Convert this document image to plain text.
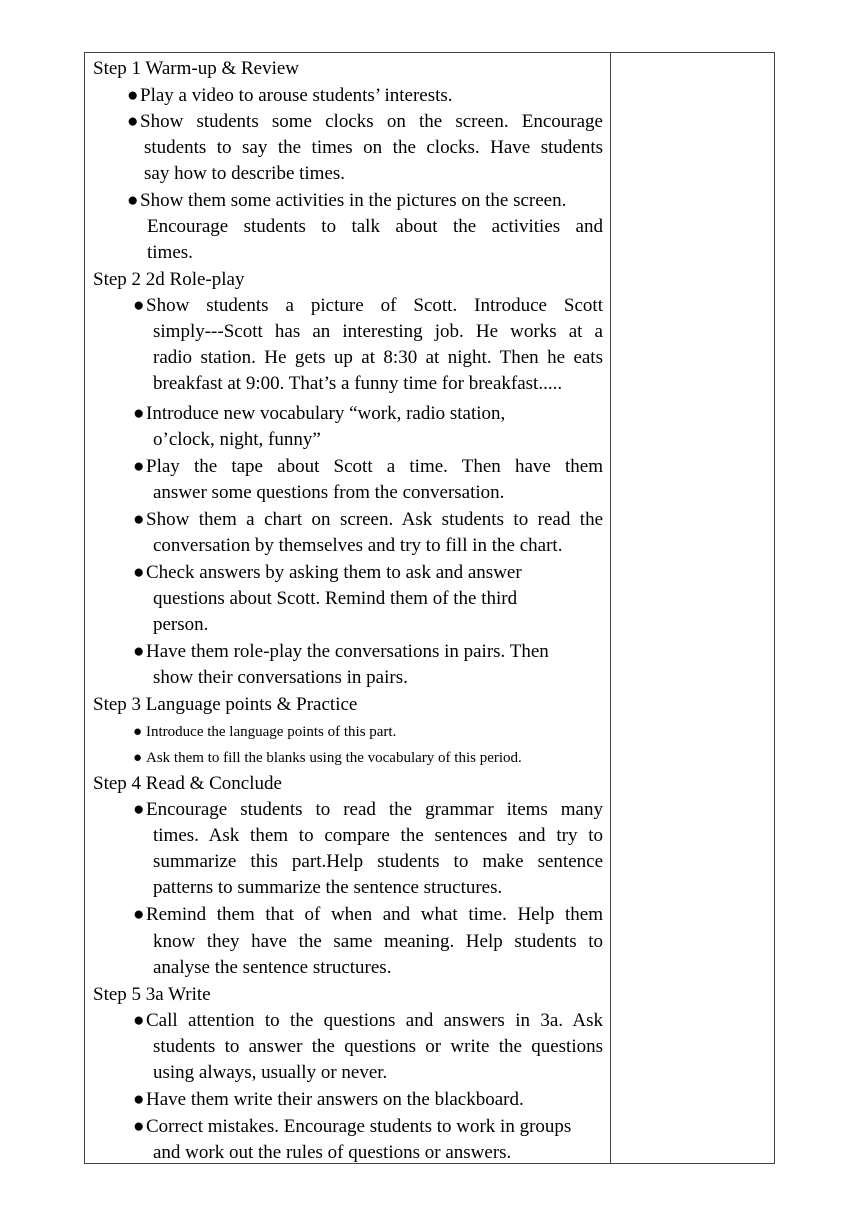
Step 1 Warm-up & Review
●Play a video to arouse students’ interests.
●Show students some clocks on the screen. Encourage
students to say the times on the clocks. Have students
say how to describe times.
●Show them some activities in the pictures on the screen.
Encourage students to talk about the activities and
times.
Step 2 2d Role-play
●Show students a picture of Scott. Introduce Scott
simply---Scott has an interesting job. He works at a
radio station. He gets up at 8:30 at night. Then he eats
breakfast at 9:00. That’s a funny time for breakfast.....
●Introduce new vocabulary “work, radio station,
o’clock, night, funny”
●Play the tape about Scott a time. Then have them
answer some questions from the conversation.
●Show them a chart on screen. Ask students to read the
conversation by themselves and try to fill in the chart.
●Check answers by asking them to ask and answer
questions about Scott. Remind them of the third
person.
●Have them role-play the conversations in pairs. Then
show their conversations in pairs.
Step 3 Language points & Practice
● Introduce the language points of this part.
● Ask them to fill the blanks using the vocabulary of this period.
Step 4 Read & Conclude
●Encourage students to read the grammar items many
times. Ask them to compare the sentences and try to
summarize this part.Help students to make sentence
patterns to summarize the sentence structures.
●Remind them that of when and what time. Help them
know they have the same meaning. Help students to
analyse the sentence structures.
Step 5 3a Write
●Call attention to the questions and answers in 3a. Ask
students to answer the questions or write the questions
using always, usually or never.
●Have them write their answers on the blackboard.
●Correct mistakes. Encourage students to work in groups
and work out the rules of questions or answers.
